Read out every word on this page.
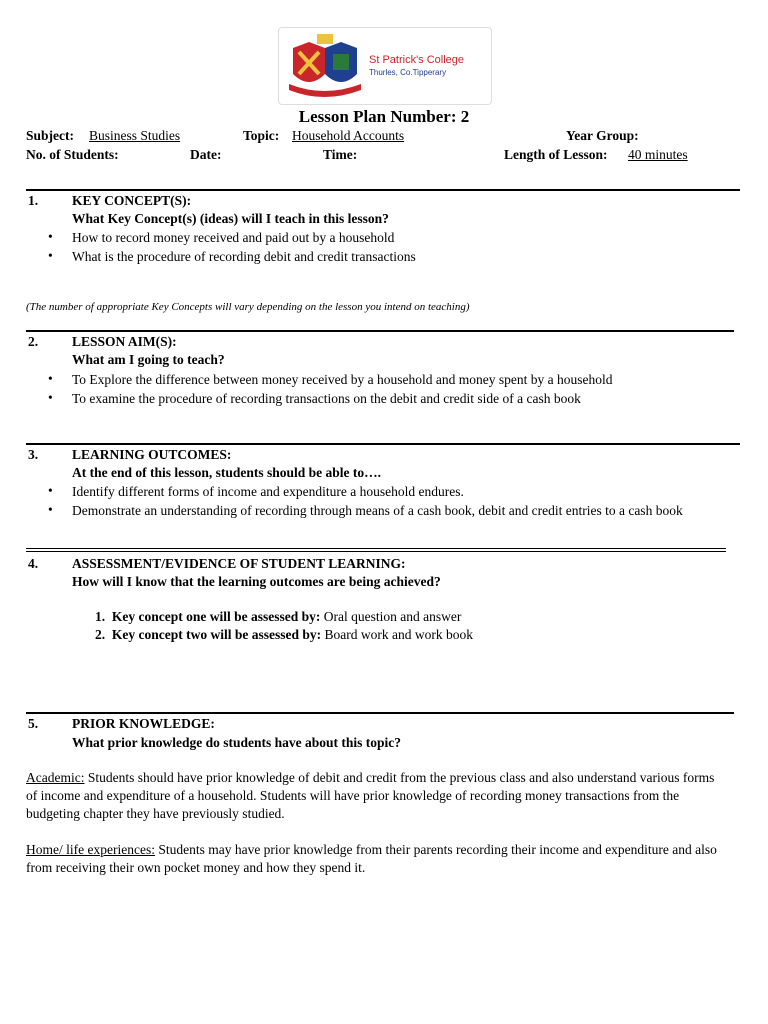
St Patrick's College
Thurles, Co.Tipperary
Lesson Plan Number: 2
Subject: Business Studies	Topic: Household Accounts	Year Group:
No. of Students:	Date:	Time:	Length of Lesson: 40 minutes
1.	KEY CONCEPT(S):
What Key Concept(s) (ideas) will I teach in this lesson?
• How to record money received and paid out by a household
• What is the procedure of recording debit and credit transactions
(The number of appropriate Key Concepts will vary depending on the lesson you intend on teaching)
2.	LESSON AIM(S):
What am I going to teach?
• To Explore the difference between money received by a household and money spent by a household
• To examine the procedure of recording transactions on the debit and credit side of a cash book
3.	LEARNING OUTCOMES:
At the end of this lesson, students should be able to….
• Identify different forms of income and expenditure a household endures.
• Demonstrate an understanding of recording through means of a cash book, debit and credit entries to a cash book
4.	ASSESSMENT/EVIDENCE OF STUDENT LEARNING:
How will I know that the learning outcomes are being achieved?
1. Key concept one will be assessed by: Oral question and answer
2. Key concept two will be assessed by: Board work and work book
5.	PRIOR KNOWLEDGE:
What prior knowledge do students have about this topic?
Academic: Students should have prior knowledge of debit and credit from the previous class and also understand various forms of income and expenditure of a household. Students will have prior knowledge of recording money transactions from the budgeting chapter they have previously studied.
Home/ life experiences: Students may have prior knowledge from their parents recording their income and expenditure and also from receiving their own pocket money and how they spend it.
